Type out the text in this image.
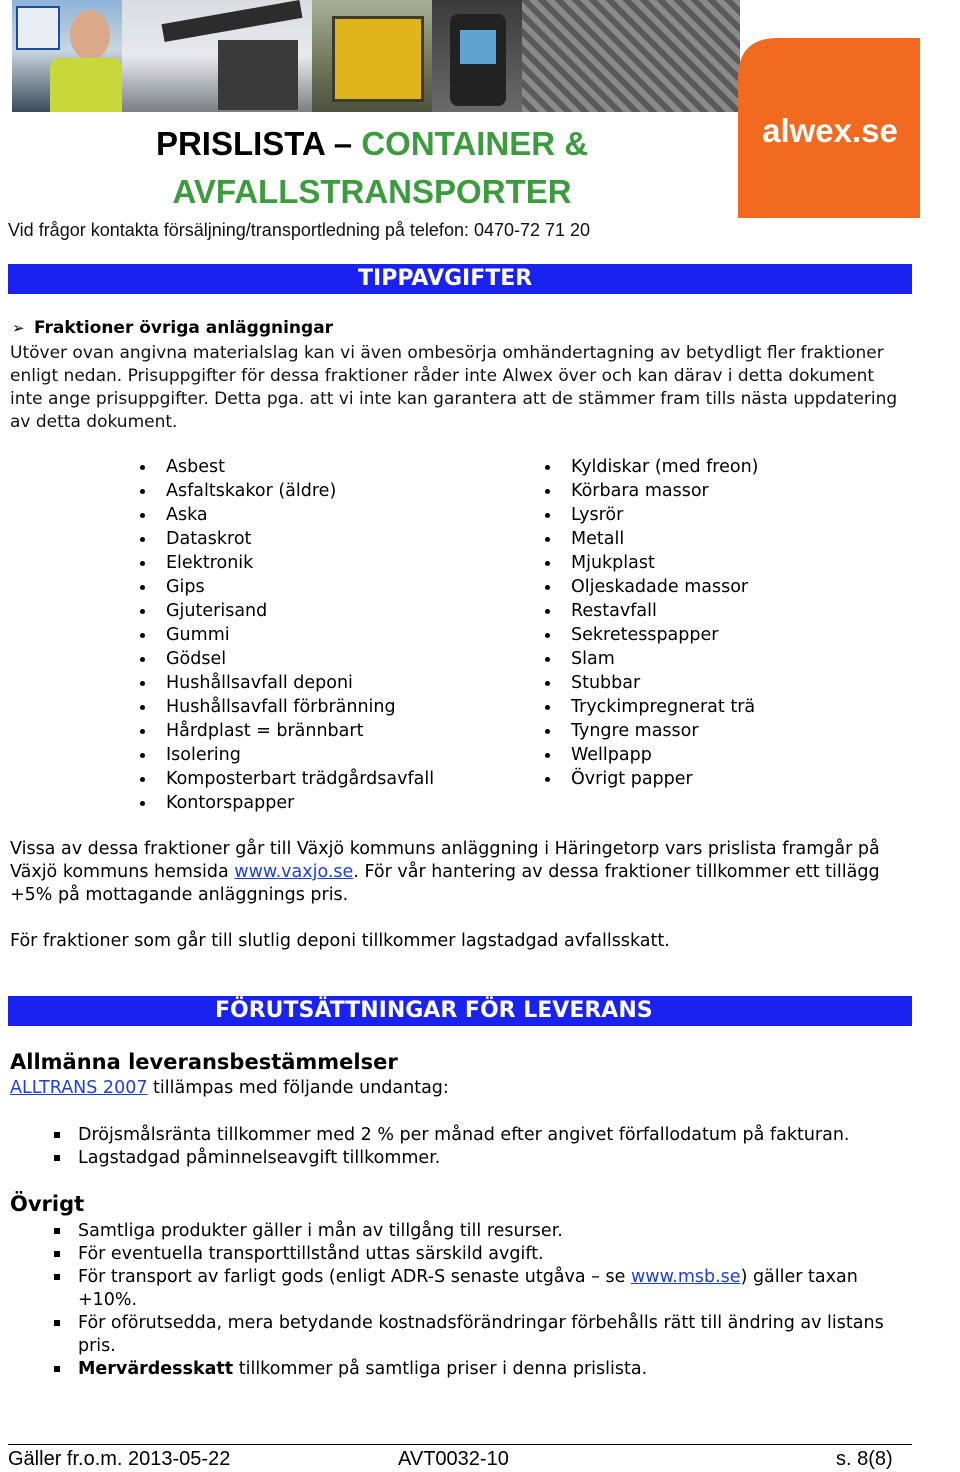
alwex.se
PRISLISTA – CONTAINER &
AVFALLSTRANSPORTER
Vid frågor kontakta försäljning/transportledning på telefon: 0470-72 71 20
TIPPAVGIFTER
➢ Fraktioner övriga anläggningar
Utöver ovan angivna materialslag kan vi även ombesörja omhändertagning av betydligt fler fraktioner enligt nedan. Prisuppgifter för dessa fraktioner råder inte Alwex över och kan därav i detta dokument inte ange prisuppgifter. Detta pga. att vi inte kan garantera att de stämmer fram tills nästa uppdatering av detta dokument.
Asbest
Asfaltskakor (äldre)
Aska
Dataskrot
Elektronik
Gips
Gjuterisand
Gummi
Gödsel
Hushållsavfall deponi
Hushållsavfall förbränning
Hårdplast = brännbart
Isolering
Komposterbart trädgårdsavfall
Kontorspapper
Kyldiskar (med freon)
Körbara massor
Lysrör
Metall
Mjukplast
Oljeskadade massor
Restavfall
Sekretesspapper
Slam
Stubbar
Tryckimpregnerat trä
Tyngre massor
Wellpapp
Övrigt papper
Vissa av dessa fraktioner går till Växjö kommuns anläggning i Häringetorp vars prislista framgår på Växjö kommuns hemsida www.vaxjo.se. För vår hantering av dessa fraktioner tillkommer ett tillägg +5% på mottagande anläggnings pris.
För fraktioner som går till slutlig deponi tillkommer lagstadgad avfallsskatt.
FÖRUTSÄTTNINGAR FÖR LEVERANS
Allmänna leveransbestämmelser
ALLTRANS 2007 tillämpas med följande undantag:
Dröjsmålsränta tillkommer med 2 % per månad efter angivet förfallodatum på fakturan.
Lagstadgad påminnelseavgift tillkommer.
Övrigt
Samtliga produkter gäller i mån av tillgång till resurser.
För eventuella transporttillstånd uttas särskild avgift.
För transport av farligt gods (enligt ADR-S senaste utgåva – se www.msb.se) gäller taxan +10%.
För oförutsedda, mera betydande kostnadsförändringar förbehålls rätt till ändring av listans pris.
Mervärdesskatt tillkommer på samtliga priser i denna prislista.
Gäller fr.o.m. 2013-05-22	AVT0032-10	s. 8(8)
